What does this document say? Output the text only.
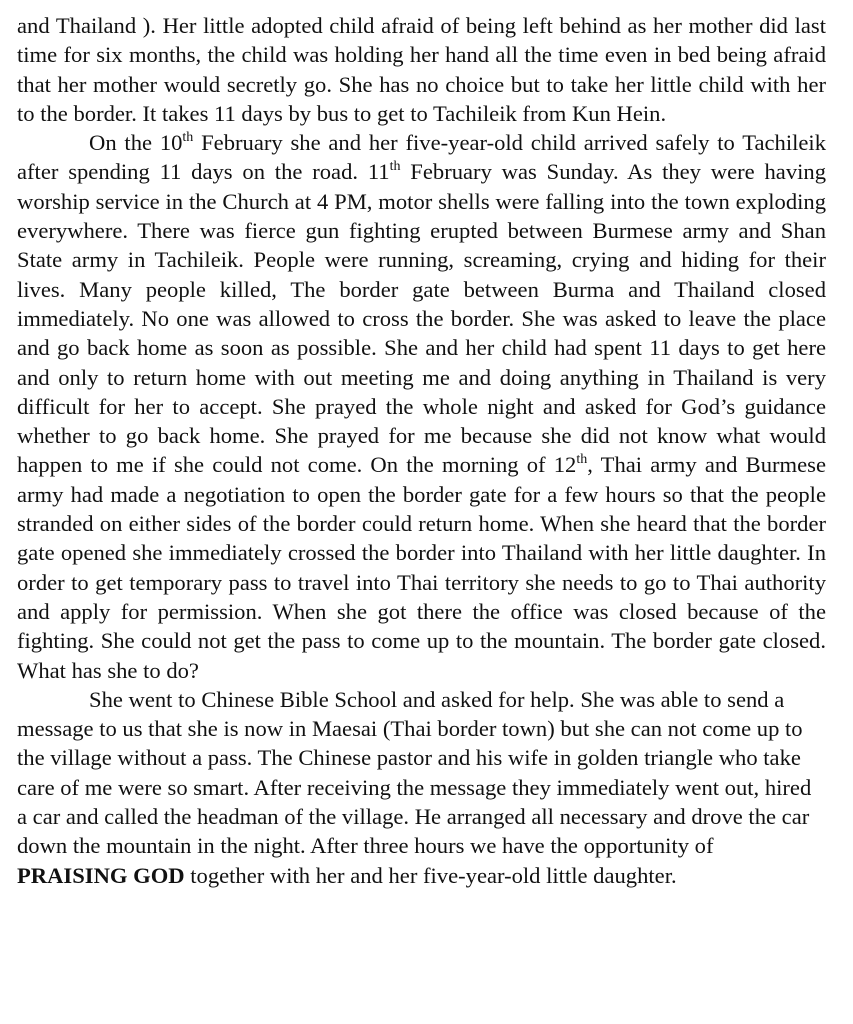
and Thailand ). Her little adopted child afraid of being left behind as her mother did last time for six months, the child was holding her hand all the time even in bed being afraid that her mother would secretly go. She has no choice but to take her little child with her to the border. It takes 11 days by bus to get to Tachileik from Kun Hein.

On the 10th February she and her five-year-old child arrived safely to Tachileik after spending 11 days on the road. 11th February was Sunday. As they were having worship service in the Church at 4 PM, motor shells were falling into the town exploding everywhere. There was fierce gun fighting erupted between Burmese army and Shan State army in Tachileik. People were running, screaming, crying and hiding for their lives. Many people killed, The border gate between Burma and Thailand closed immediately. No one was allowed to cross the border. She was asked to leave the place and go back home as soon as possible. She and her child had spent 11 days to get here and only to return home with out meeting me and doing anything in Thailand is very difficult for her to accept. She prayed the whole night and asked for God’s guidance whether to go back home. She prayed for me because she did not know what would happen to me if she could not come. On the morning of 12th, Thai army and Burmese army had made a negotiation to open the border gate for a few hours so that the people stranded on either sides of the border could return home. When she heard that the border gate opened she immediately crossed the border into Thailand with her little daughter. In order to get temporary pass to travel into Thai territory she needs to go to Thai authority and apply for permission. When she got there the office was closed because of the fighting. She could not get the pass to come up to the mountain. The border gate closed. What has she to do?

She went to Chinese Bible School and asked for help. She was able to send a message to us that she is now in Maesai (Thai border town) but she can not come up to the village without a pass. The Chinese pastor and his wife in golden triangle who take care of me were so smart. After receiving the message they immediately went out, hired a car and called the headman of the village. He arranged all necessary and drove the car down the mountain in the night. After three hours we have the opportunity of PRAISING GOD together with her and her five-year-old little daughter.
